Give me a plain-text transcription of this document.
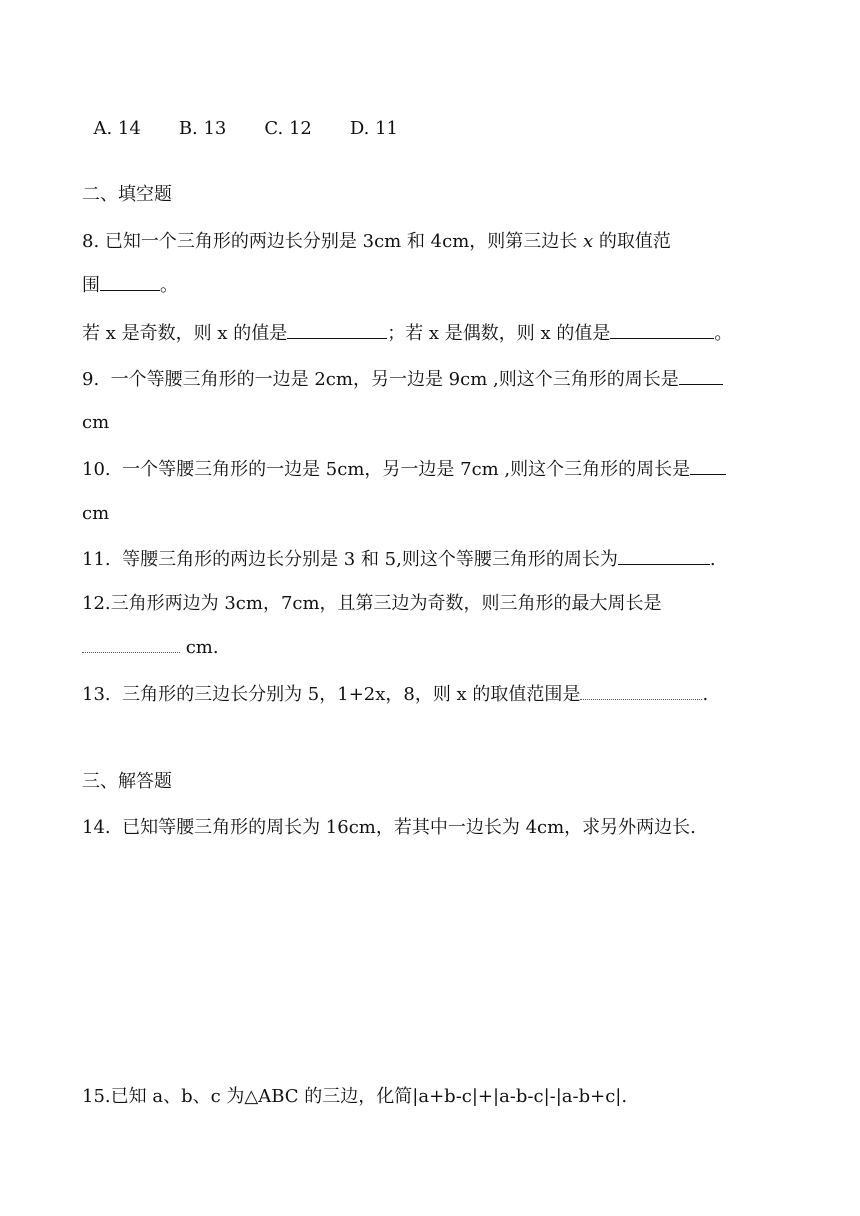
A. 14 B. 13 C. 12 D. 11

二、填空题
8. 已知一个三角形的两边长分别是 3cm 和 4cm，则第三边长 x 的取值范
围	。
若 x 是奇数，则 x 的值是	；若 x 是偶数，则 x 的值是	。
9.  一个等腰三角形的一边是 2cm，另一边是 9cm ,则这个三角形的周长是
cm
10.  一个等腰三角形的一边是 5cm，另一边是 7cm ,则这个三角形的周长是
cm
11.  等腰三角形的两边长分别是 3 和 5,则这个等腰三角形的周长为	.
12.三角形两边为 3cm，7cm，且第三边为奇数，则三角形的最大周长是
cm.
13.  三角形的三边长分别为 5，1+2x，8，则 x 的取值范围是	.
三、解答题
14.  已知等腰三角形的周长为 16cm，若其中一边长为 4cm，求另外两边长.
15.已知 a、b、c 为△ABC 的三边，化简|a+b-c|+|a-b-c|-|a-b+c|.
